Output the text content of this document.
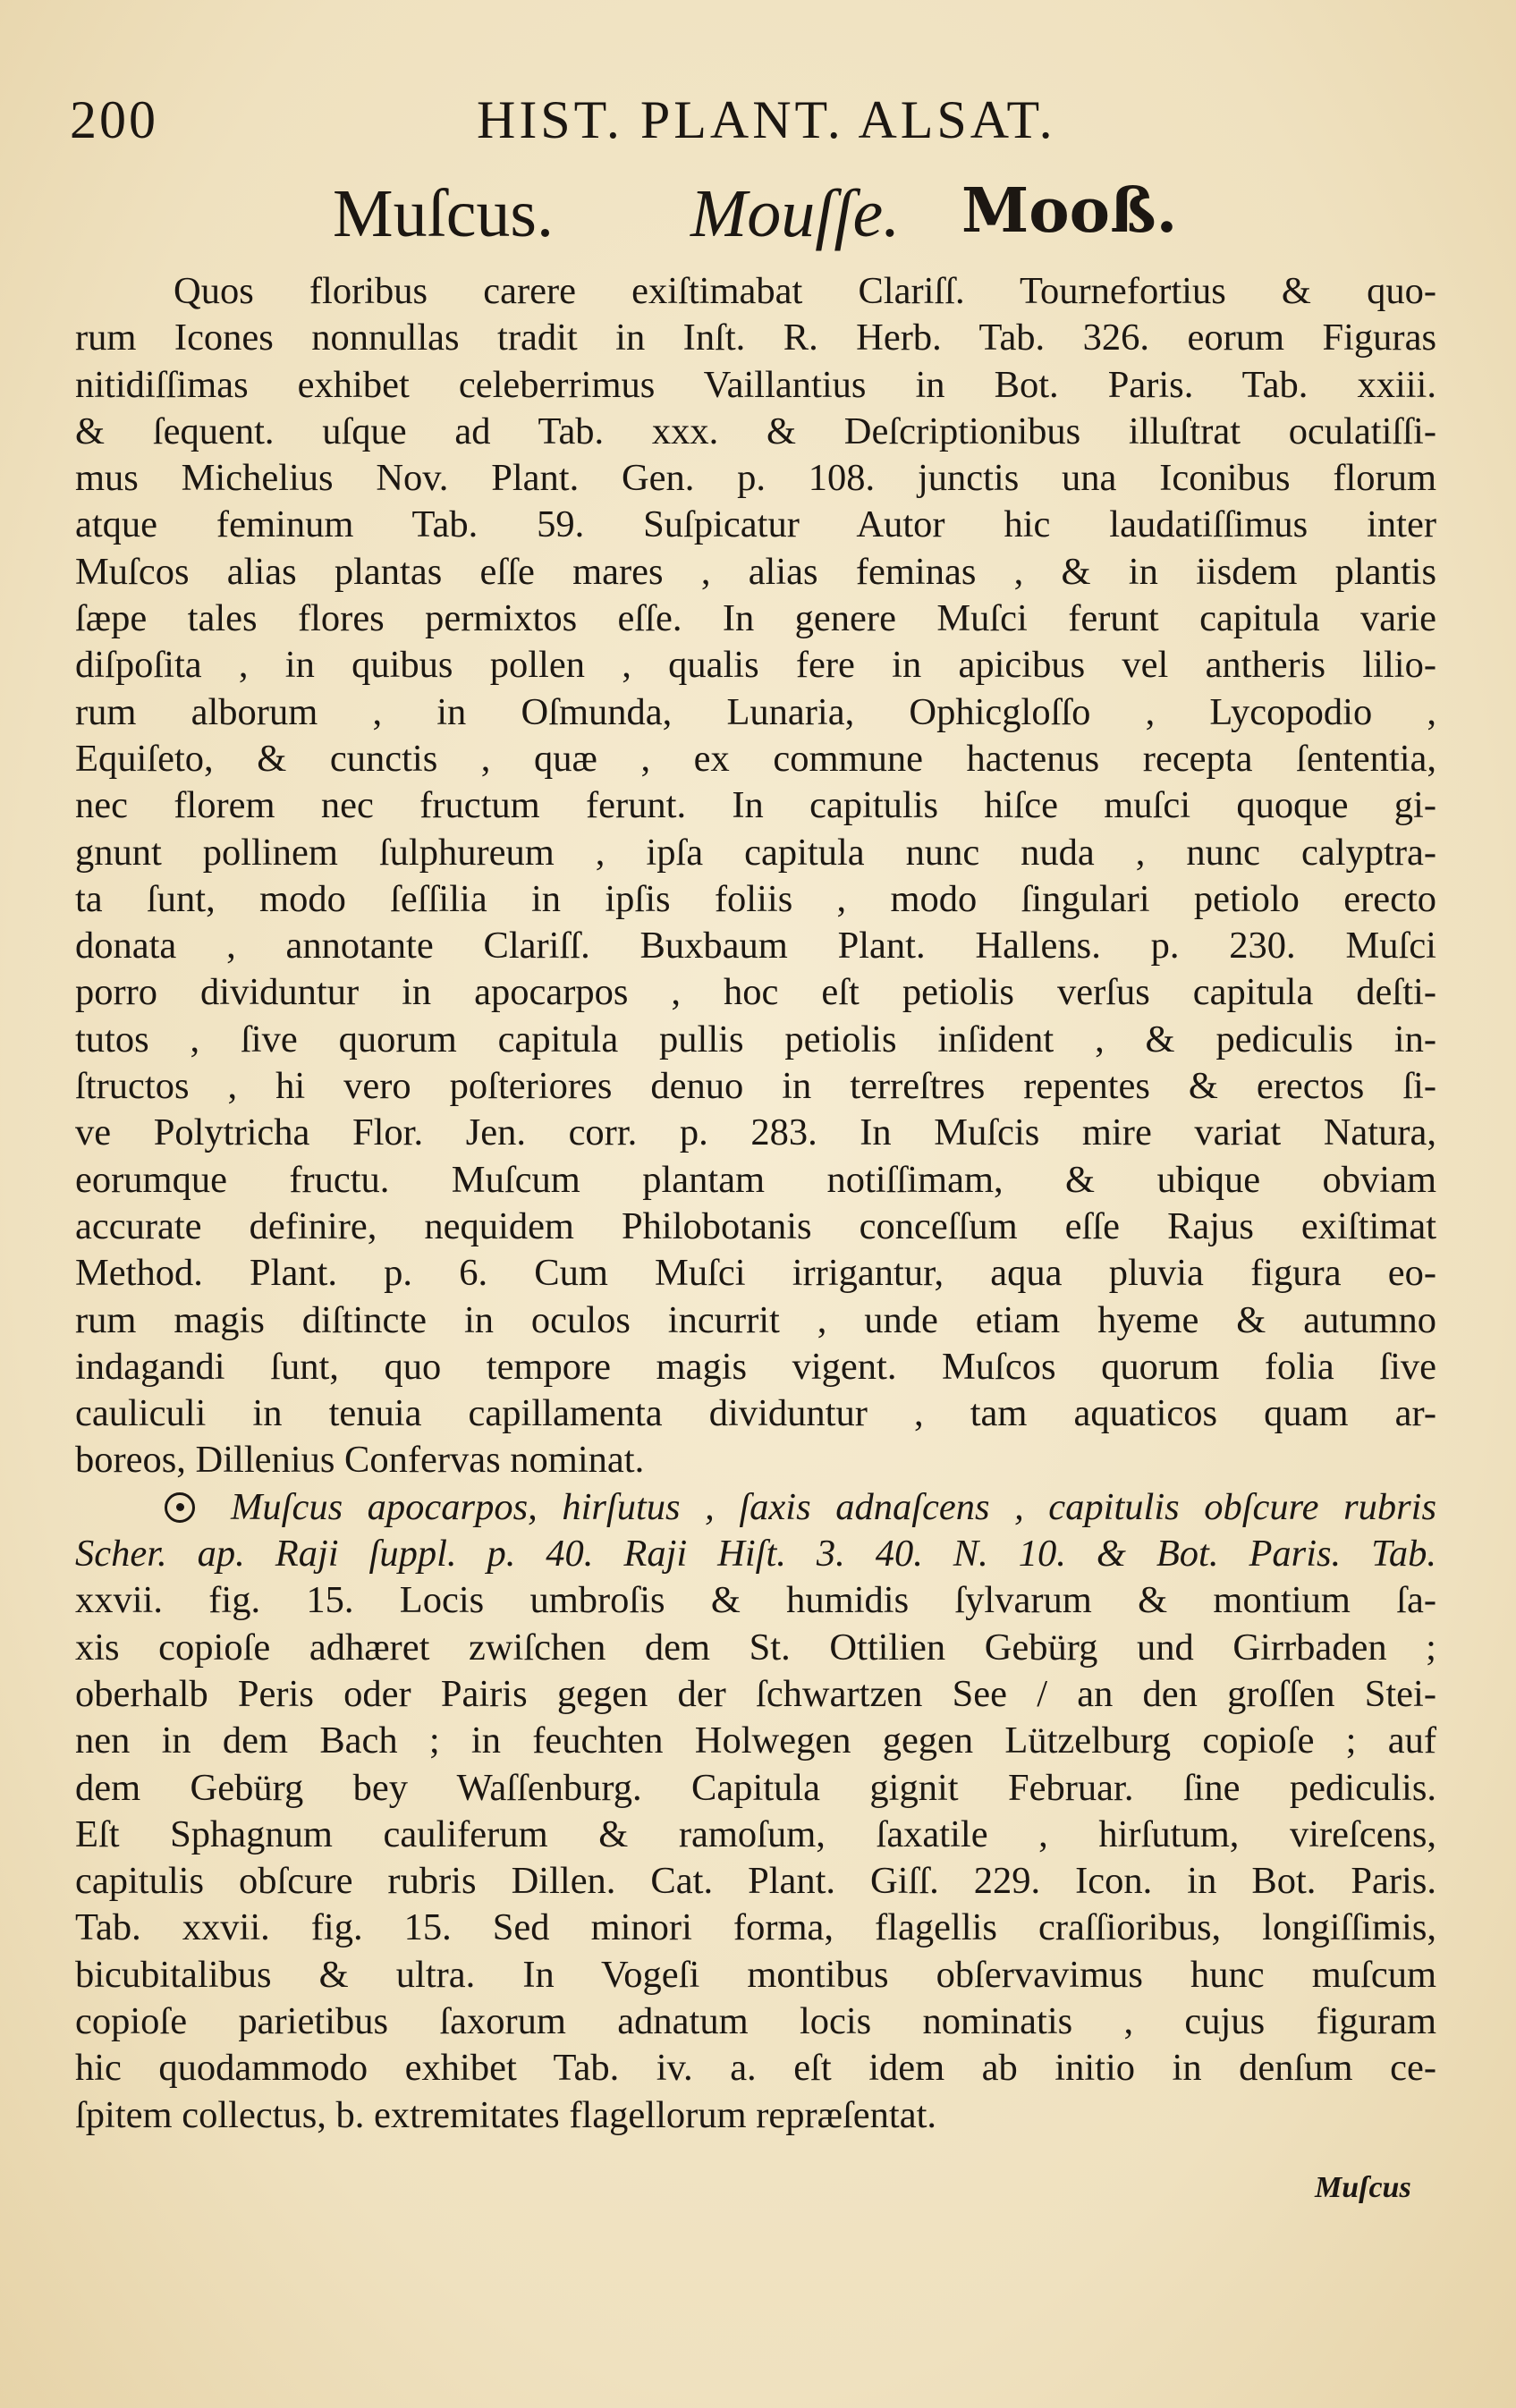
200	HIST. PLANT. ALSAT.
Muſcus. Mouſſe. Mooß.
Quos floribus carere exiſtimabat Clariſſ. Tournefortius & quo-
rum Icones nonnullas tradit in Inſt. R. Herb. Tab. 326. eorum Figuras
nitidiſſimas exhibet celeberrimus Vaillantius in Bot. Paris. Tab. xxiii.
& ſequent. uſque ad Tab. xxx. & Deſcriptionibus illuſtrat oculatiſſi-
mus Michelius Nov. Plant. Gen. p. 108. junctis una Iconibus florum
atque feminum Tab. 59. Suſpicatur Autor hic laudatiſſimus inter
Muſcos alias plantas eſſe mares , alias feminas , & in iisdem plantis
ſæpe tales flores permixtos eſſe. In genere Muſci ferunt capitula varie
diſpoſita , in quibus pollen , qualis fere in apicibus vel antheris lilio-
rum alborum , in Oſmunda, Lunaria, Ophicgloſſo , Lycopodio ,
Equiſeto, & cunctis , quæ , ex commune hactenus recepta ſententia,
nec florem nec fructum ferunt. In capitulis hiſce muſci quoque gi-
gnunt pollinem ſulphureum , ipſa capitula nunc nuda , nunc calyptra-
ta ſunt, modo ſeſſilia in ipſis foliis , modo ſingulari petiolo erecto
donata , annotante Clariſſ. Buxbaum Plant. Hallens. p. 230. Muſci
porro dividuntur in apocarpos , hoc eſt petiolis verſus capitula deſti-
tutos , ſive quorum capitula pullis petiolis inſident , & pediculis in-
ſtructos , hi vero poſteriores denuo in terreſtres repentes & erectos ſi-
ve Polytricha Flor. Jen. corr. p. 283. In Muſcis mire variat Natura,
eorumque fructu. Muſcum plantam notiſſimam, & ubique obviam
accurate definire, nequidem Philobotanis conceſſum eſſe Rajus exiſtimat
Method. Plant. p. 6. Cum Muſci irrigantur, aqua pluvia figura eo-
rum magis diſtincte in oculos incurrit , unde etiam hyeme & autumno
indagandi ſunt, quo tempore magis vigent. Muſcos quorum folia ſive
cauliculi in tenuia capillamenta dividuntur , tam aquaticos quam ar-
boreos, Dillenius Confervas nominat.
Muſcus apocarpos, hirſutus , ſaxis adnaſcens , capitulis obſcure rubris
Scher. ap. Raji ſuppl. p. 40. Raji Hiſt. 3. 40. N. 10. & Bot. Paris. Tab.
xxvii. fig. 15. Locis umbroſis & humidis ſylvarum & montium ſa-
xis copioſe adhæret zwiſchen dem St. Ottilien Gebürg und Girrbaden ;
oberhalb Peris oder Pairis gegen der ſchwartzen See / an den groſſen Stei-
nen in dem Bach ; in feuchten Holwegen gegen Lützelburg copioſe ; auf
dem Gebürg bey Waſſenburg. Capitula gignit Februar. ſine pediculis.
Eſt Sphagnum cauliferum & ramoſum, ſaxatile , hirſutum, vireſcens,
capitulis obſcure rubris Dillen. Cat. Plant. Giſſ. 229. Icon. in Bot. Paris.
Tab. xxvii. fig. 15. Sed minori forma, flagellis craſſioribus, longiſſimis,
bicubitalibus & ultra. In Vogeſi montibus obſervavimus hunc muſcum
copioſe parietibus ſaxorum adnatum locis nominatis , cujus figuram
hic quodammodo exhibet Tab. iv. a. eſt idem ab initio in denſum ce-
ſpitem collectus, b. extremitates flagellorum repræſentat.
Muſcus
